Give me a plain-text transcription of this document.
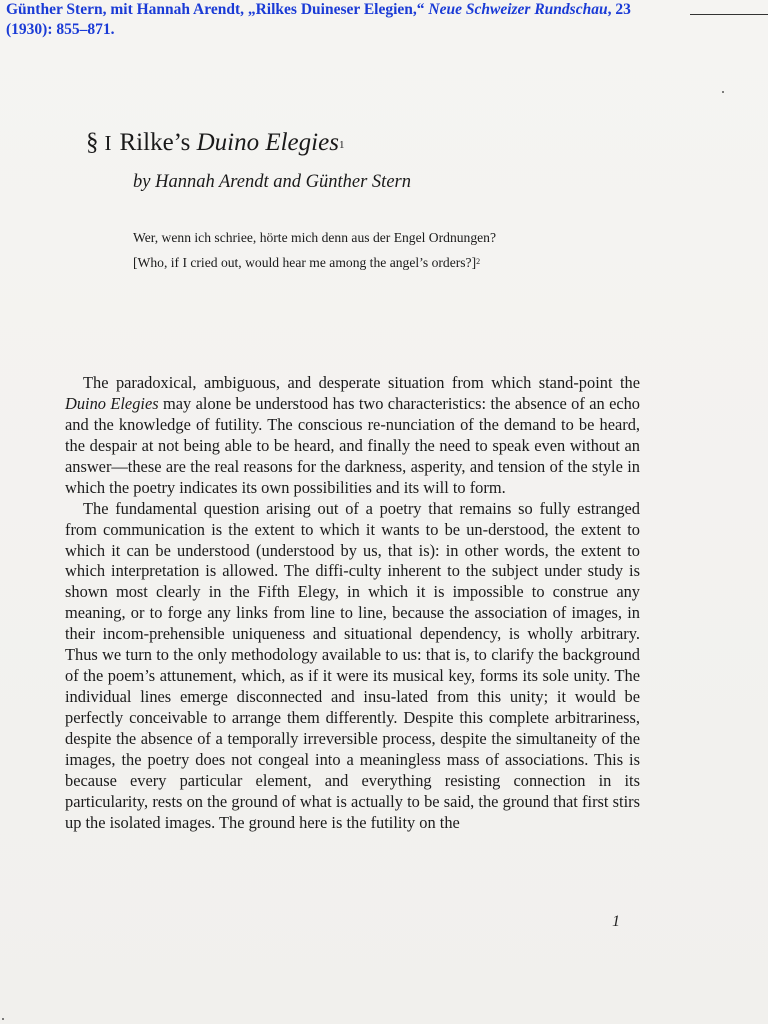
Günther Stern, mit Hannah Arendt, „Rilkes Duineser Elegien,“ Neue Schweizer Rundschau, 23
(1930): 855–871.
§ I Rilke’s Duino Elegies$^1$
by Hannah Arendt and Günther Stern
Wer, wenn ich schriee, hörte mich denn aus der Engel Ordnungen?
[Who, if I cried out, would hear me among the angel’s orders?]$^2$

The paradoxical, ambiguous, and desperate situation from which stand-point the Duino Elegies may alone be understood has two characteristics: the absence of an echo and the knowledge of futility. The conscious re-nunciation of the demand to be heard, the despair at not being able to be heard, and finally the need to speak even without an answer—these are the real reasons for the darkness, asperity, and tension of the style in which the poetry indicates its own possibilities and its will to form.

The fundamental question arising out of a poetry that remains so fully estranged from communication is the extent to which it wants to be un-derstood, the extent to which it can be understood (understood by us, that is): in other words, the extent to which interpretation is allowed. The diffi-culty inherent to the subject under study is shown most clearly in the Fifth Elegy, in which it is impossible to construe any meaning, or to forge any links from line to line, because the association of images, in their incom-prehensible uniqueness and situational dependency, is wholly arbitrary. Thus we turn to the only methodology available to us: that is, to clarify the background of the poem’s attunement, which, as if it were its musical key, forms its sole unity. The individual lines emerge disconnected and insu-lated from this unity; it would be perfectly conceivable to arrange them differently. Despite this complete arbitrariness, despite the absence of a temporally irreversible process, despite the simultaneity of the images, the poetry does not congeal into a meaningless mass of associations. This is because every particular element, and everything resisting connection in its particularity, rests on the ground of what is actually to be said, the ground that first stirs up the isolated images. The ground here is the futility on the

1
